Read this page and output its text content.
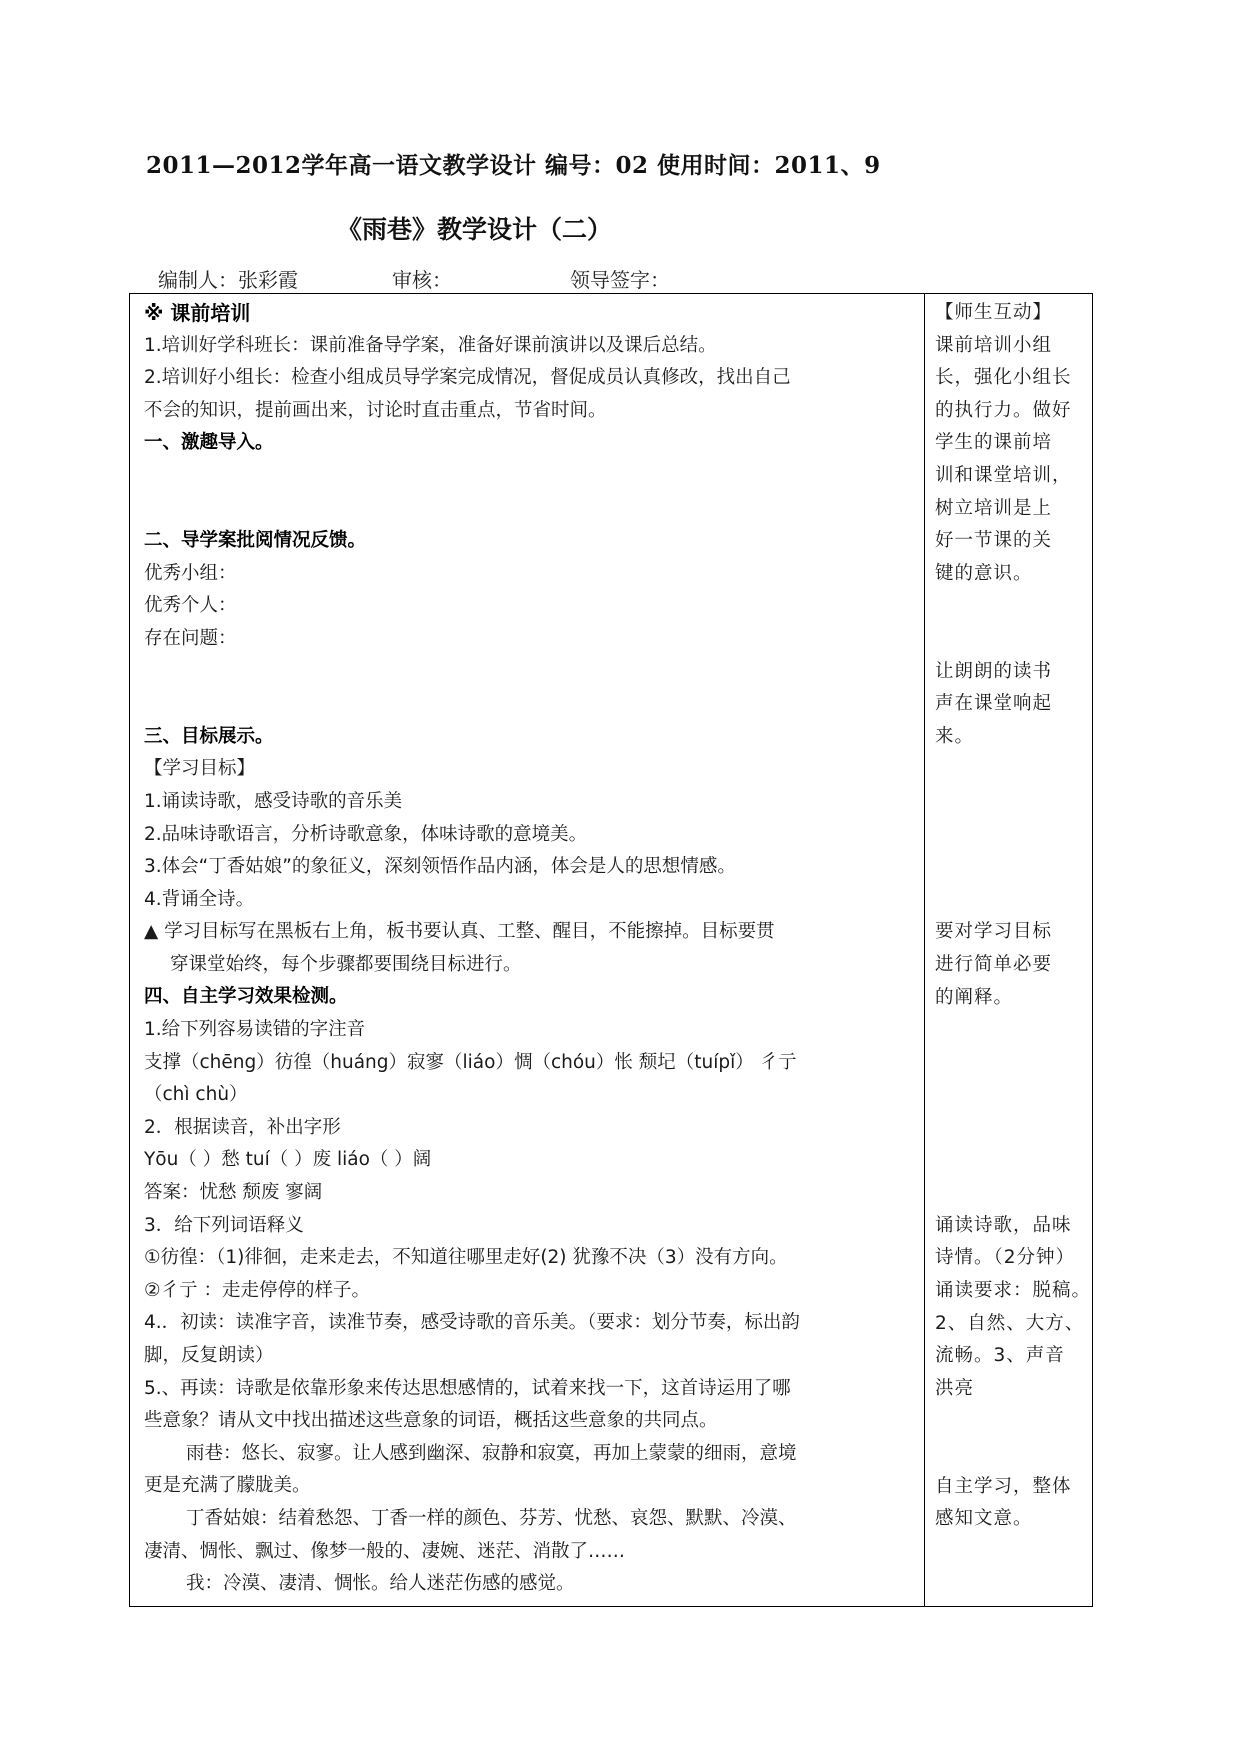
2011—2012学年高一语文教学设计 编号：02 使用时间：2011、9
《雨巷》教学设计（二）
编制人：张彩霞	审核：	领导签字：
※ 课前培训
1.培训好学科班长：课前准备导学案，准备好课前演讲以及课后总结。
2.培训好小组长：检查小组成员导学案完成情况，督促成员认真修改，找出自己
不会的知识，提前画出来，讨论时直击重点，节省时间。
一、激趣导入。
二、导学案批阅情况反馈。
优秀小组：
优秀个人：
存在问题：
三、目标展示。
【学习目标】
1.诵读诗歌，感受诗歌的音乐美
2.品味诗歌语言，分析诗歌意象，体味诗歌的意境美。
3.体会“丁香姑娘”的象征义，深刻领悟作品内涵，体会是人的思想情感。
4.背诵全诗。
▲ 学习目标写在黑板右上角，板书要认真、工整、醒目，不能擦掉。目标要贯
穿课堂始终，每个步骤都要围绕目标进行。
四、自主学习效果检测。
1.给下列容易读错的字注音
支撑（chēng）彷徨（huáng）寂寥（liáo）惆（chóu）怅 颓圮（tuípǐ） 彳亍
（chì chù）
2．根据读音，补出字形
Yōu（ ）愁 tuí（ ）废 liáo（ ）阔
答案：忧愁 颓废 寥阔
3．给下列词语释义
①彷徨：（1)徘徊，走来走去，不知道往哪里走好(2) 犹豫不决（3）没有方向。
②彳亍 ：走走停停的样子。
4.．初读：读准字音，读准节奏，感受诗歌的音乐美。（要求：划分节奏，标出韵
脚，反复朗读）
5.、再读：诗歌是依靠形象来传达思想感情的，试着来找一下，这首诗运用了哪
些意象？请从文中找出描述这些意象的词语，概括这些意象的共同点。
雨巷：悠长、寂寥。让人感到幽深、寂静和寂寞，再加上蒙蒙的细雨，意境
更是充满了朦胧美。
丁香姑娘：结着愁怨、丁香一样的颜色、芬芳、忧愁、哀怨、默默、冷漠、
凄清、惆怅、飘过、像梦一般的、凄婉、迷茫、消散了……
我：冷漠、凄清、惆怅。给人迷茫伤感的感觉。
【师生互动】
课前培训小组
长，强化小组长
的执行力。做好
学生的课前培
训和课堂培训，
树立培训是上
好一节课的关
键的意识。
让朗朗的读书
声在课堂响起
来。
要对学习目标
进行简单必要
的阐释。
诵读诗歌，品味
诗情。（2分钟）
诵读要求：脱稿。
2、自然、大方、
流畅。3、声音
洪亮
自主学习，整体
感知文意。
